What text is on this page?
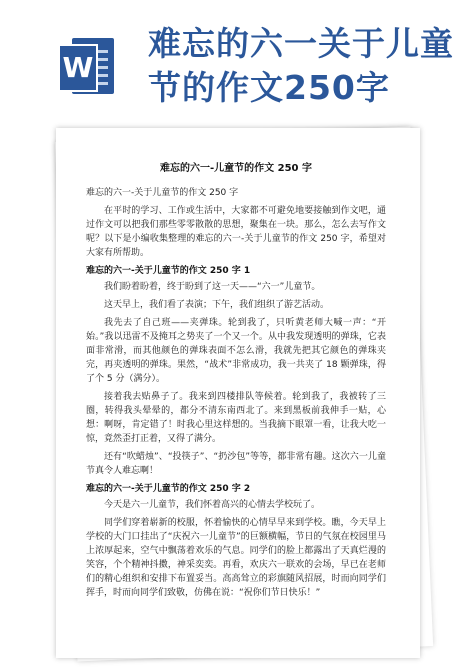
W
难忘的六一关于儿童节的作文250字
难忘的六一-儿童节的作文 250 字

难忘的六一-关于儿童节的作文 250 字

在平时的学习、工作或生活中，大家都不可避免地要接触到作文吧，通过作文可以把我们那些零零散散的思想，聚集在一块。那么，怎么去写作文呢？以下是小编收集整理的难忘的六一-关于儿童节的作文 250 字，希望对大家有所帮助。

难忘的六一-关于儿童节的作文 250 字 1

我们盼着盼着，终于盼到了这一天——“六一”儿童节。

这天早上，我们看了表演；下午，我们组织了游艺活动。

我先去了自己班——夹弹珠。轮到我了，只听黄老师大喊一声：“开始。”我以迅雷不及掩耳之势夹了一个又一个。从中我发现透明的弹珠，它表面非常滑，而其他颜色的弹珠表面不怎么滑，我就先把其它颜色的弹珠夹完，再夹透明的弹珠。果然，“战术”非常成功，我一共夹了 18 颗弹珠，得了个 5 分（满分）。

接着我去贴鼻子了。我来到四楼排队等候着。轮到我了，我被转了三圈，转得我头晕晕的，都分不清东南西北了。来到黑板前我伸手一贴，心想：啊呀，肯定错了！时我心里这样想的。当我摘下眼罩一看，让我大吃一惊，竟然歪打正着，又得了满分。

还有“吹蜡烛”、“投筷子”、“扔沙包”等等，都非常有趣。这次六一儿童节真令人难忘啊！

难忘的六一-关于儿童节的作文 250 字 2

今天是六一儿童节，我们怀着高兴的心情去学校玩了。

同学们穿着崭新的校服，怀着愉快的心情早早来到学校。瞧，今天早上学校的大门口挂出了“庆祝六一儿童节”的巨额横幅，节日的气氛在校园里马上浓厚起来，空气中飘荡着欢乐的气息。同学们的脸上都露出了天真烂漫的笑容，个个精神抖擞，神采奕奕。再看，欢庆六一联欢的会场，早已在老师们的精心组织和安排下布置妥当。高高耸立的彩旗随风招展，时而向同学们挥手，时而向同学们致敬，仿佛在说：“祝你们节日快乐！”
